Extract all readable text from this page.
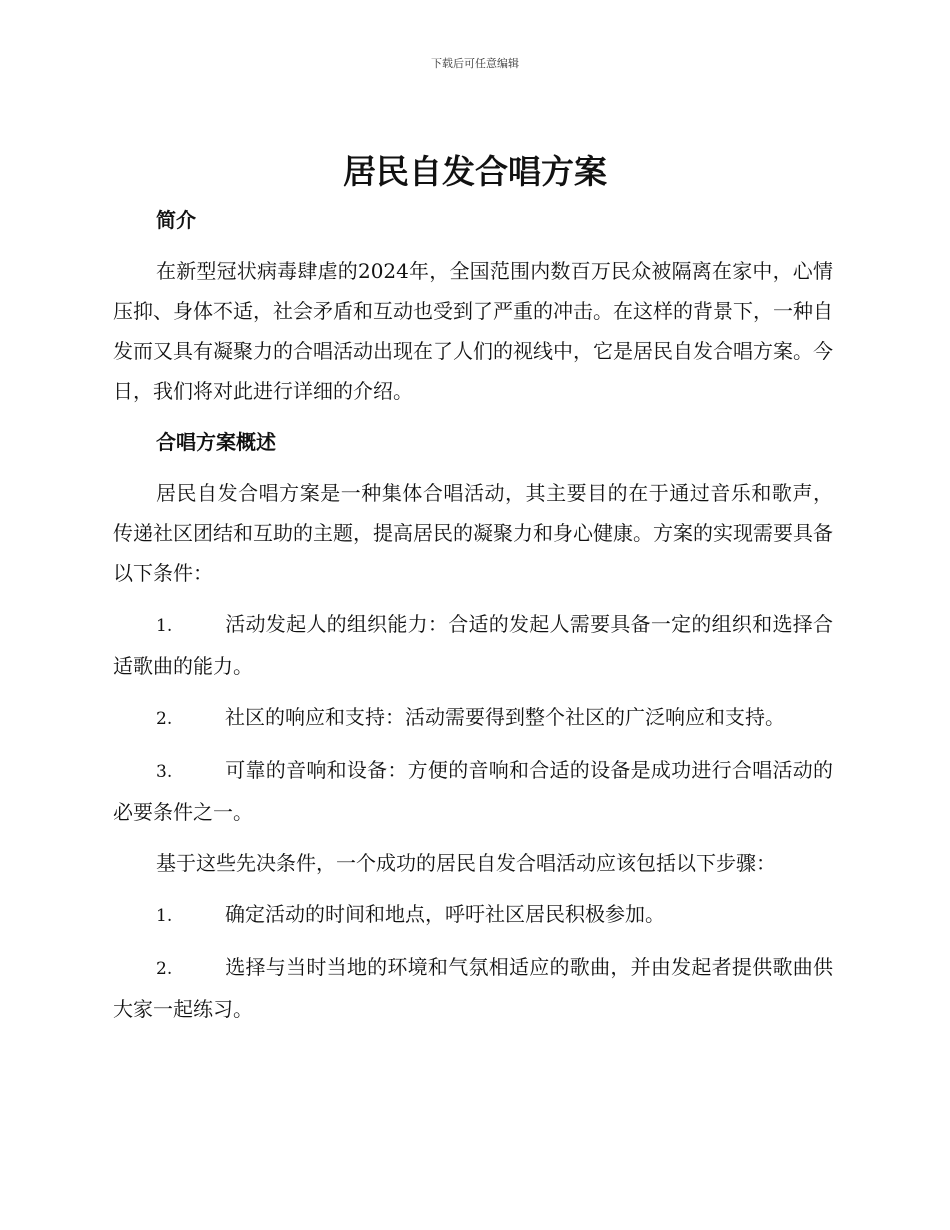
下载后可任意编辑
居民自发合唱方案
简介

在新型冠状病毒肆虐的2024年，全国范围内数百万民众被隔离在家中，心情压抑、身体不适，社会矛盾和互动也受到了严重的冲击。在这样的背景下，一种自发而又具有凝聚力的合唱活动出现在了人们的视线中，它是居民自发合唱方案。今日，我们将对此进行详细的介绍。

合唱方案概述

居民自发合唱方案是一种集体合唱活动，其主要目的在于通过音乐和歌声，传递社区团结和互助的主题，提高居民的凝聚力和身心健康。方案的实现需要具备以下条件：

1.	活动发起人的组织能力：合适的发起人需要具备一定的组织和选择合适歌曲的能力。

2.	社区的响应和支持：活动需要得到整个社区的广泛响应和支持。

3.	可靠的音响和设备：方便的音响和合适的设备是成功进行合唱活动的必要条件之一。

基于这些先决条件，一个成功的居民自发合唱活动应该包括以下步骤：

1.	确定活动的时间和地点，呼吁社区居民积极参加。

2.	选择与当时当地的环境和气氛相适应的歌曲，并由发起者提供歌曲供大家一起练习。
